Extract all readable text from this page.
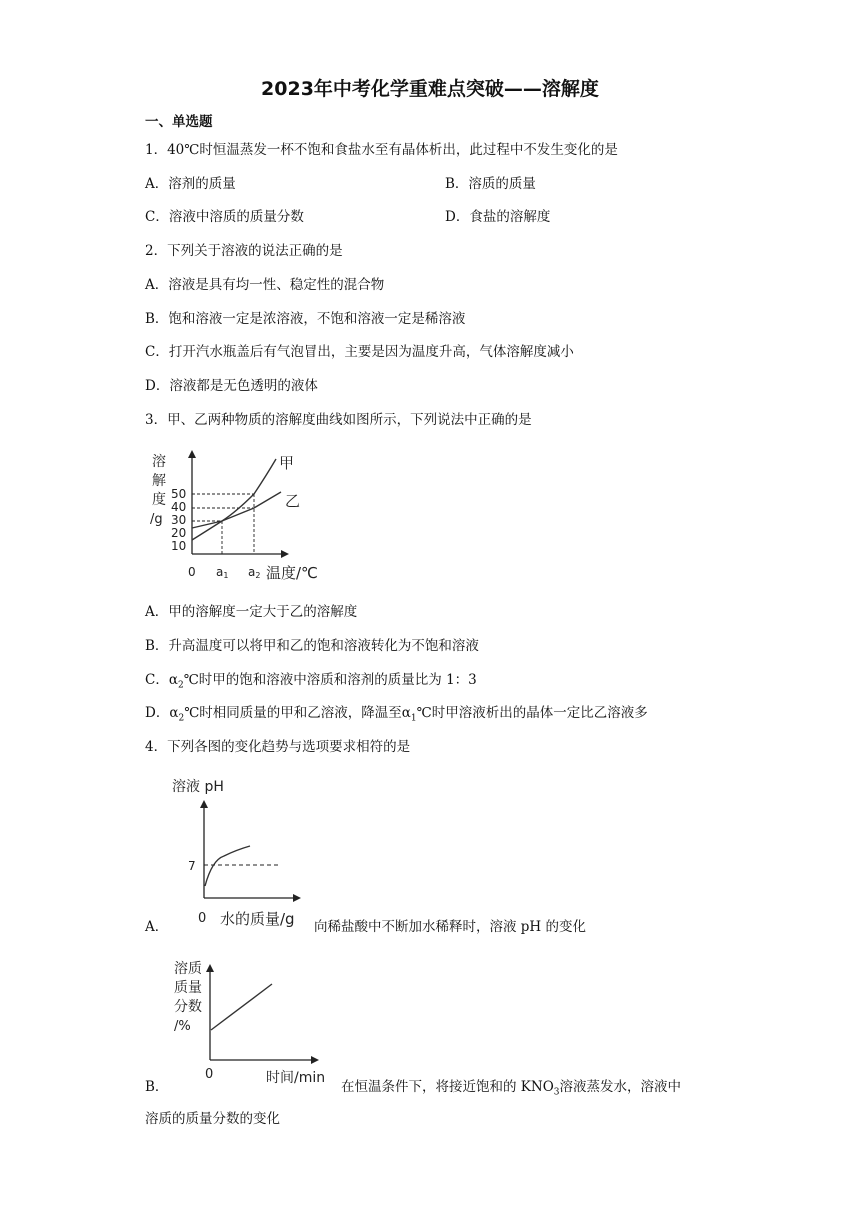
2023年中考化学重难点突破——溶解度
一、单选题
1．40℃时恒温蒸发一杯不饱和食盐水至有晶体析出，此过程中不发生变化的是
A．溶剂的质量	B．溶质的质量
C．溶液中溶质的质量分数	D．食盐的溶解度
2．下列关于溶液的说法正确的是
A．溶液是具有均一性、稳定性的混合物
B．饱和溶液一定是浓溶液，不饱和溶液一定是稀溶液
C．打开汽水瓶盖后有气泡冒出，主要是因为温度升高，气体溶解度减小
D．溶液都是无色透明的液体
3．甲、乙两种物质的溶解度曲线如图所示，下列说法中正确的是
溶
解
度
/g
50
40
30
20
10
甲
乙
0 a1 a2 温度/℃
A．甲的溶解度一定大于乙的溶解度
B．升高温度可以将甲和乙的饱和溶液转化为不饱和溶液
C．$\alpha_2℃$时甲的饱和溶液中溶质和溶剂的质量比为 1：3
D．$\alpha_2℃$时相同质量的甲和乙溶液，降温至$\alpha_1℃$时甲溶液析出的晶体一定比乙溶液多
4．下列各图的变化趋势与选项要求相符的是
溶液 pH
7
0 水的质量/g
A．	向稀盐酸中不断加水稀释时，溶液 pH 的变化
溶质
质量
分数
/%
0	时间/min
B．	在恒温条件下，将接近饱和的 $KNO_3$溶液蒸发水，溶液中
溶质的质量分数的变化
